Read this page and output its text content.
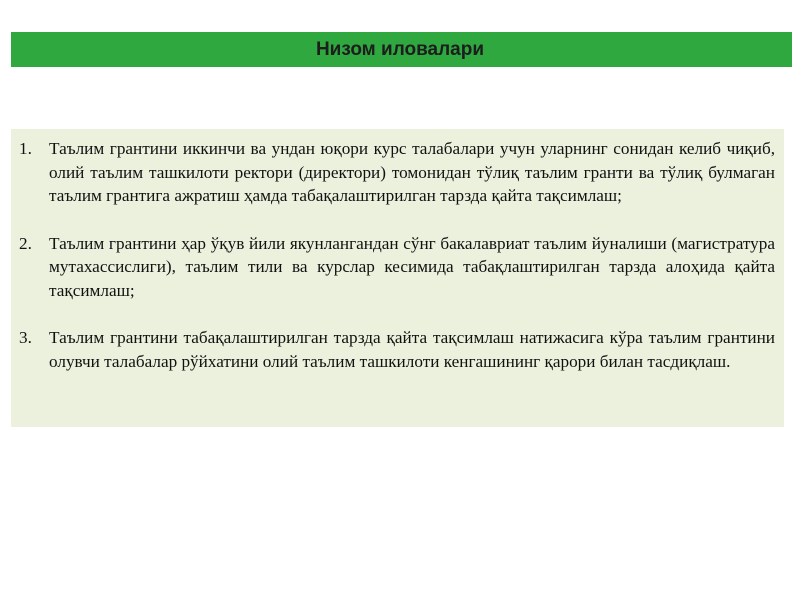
Низом иловалари
1. Таълим грантини иккинчи ва ундан юқори курс талабалари учун уларнинг сонидан келиб чиқиб, олий таълим ташкилоти ректори (директори) томонидан тўлиқ таълим гранти ва тўлиқ булмаган таълим грантига ажратиш ҳамда табақалаштирилган тарзда қайта тақсимлаш;

2. Таълим грантини ҳар ўқув йили якунлангандан сўнг бакалавриат таълим йуналиши (магистратура мутахассислиги), таълим тили ва курслар кесимида табақлаштирилган тарзда алоҳида қайта тақсимлаш;

3. Таълим грантини табақалаштирилган тарзда қайта тақсимлаш натижасига кўра таълим грантини олувчи талабалар рўйхатини олий таълим ташкилоти кенгашининг қарори билан тасдиқлаш.
